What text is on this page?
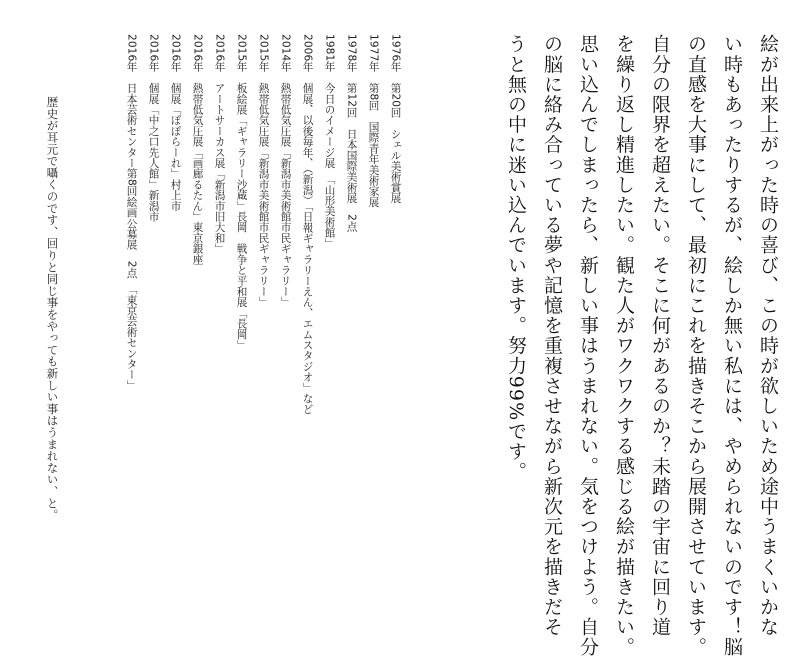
絵が出来上がった時の喜び、この時が欲しいため途中うまくいかな
い時もあったりするが、絵しか無い私には、やめられないのです！脳
の直感を大事にして、最初にこれを描きそこから展開させています。
自分の限界を超えたい。そこに何があるのか？未踏の宇宙に回り道
を繰り返し精進したい。観た人がワクワクする感じる絵が描きたい。
思い込んでしまったら、新しい事はうまれない。気をつけよう。自分
の脳に絡み合っている夢や記憶を重複させながら新次元を描きだそ
うと無の中に迷い込んでいます。努力99%です。
1976年　第20回　シェル美術賞展
1977年　第8回　国際青年美術家展
1978年　第12回　日本国際美術展　2点
1981年　今日のイメージ展　「山形美術館」
2006年　個展、以後毎年、（新潟）「日報ギャラリーえん、エムスタジオ」など
2014年　熱帯低気圧展「新潟市美術館市民ギャラリー」
2015年　熱帯低気圧展「新潟市美術館市民ギャラリー」
2015年　板絵展「ギャラリー沙蔵」長岡　戦争と平和展「長岡」
2016年　アートサーカス展「新潟市旧大和」
2016年　熱帯低気圧展「画廊るたん」東京銀座
2016年　個展「ぽぽらーれ」村上市
2016年　個展「中之口先人館」新潟市
2016年　日本芸術センター第8回絵画公募展　2点　「東京芸術センター」
歴史が耳元で囁くのです、回りと同じ事をやっても新しい事はうまれない、と。
